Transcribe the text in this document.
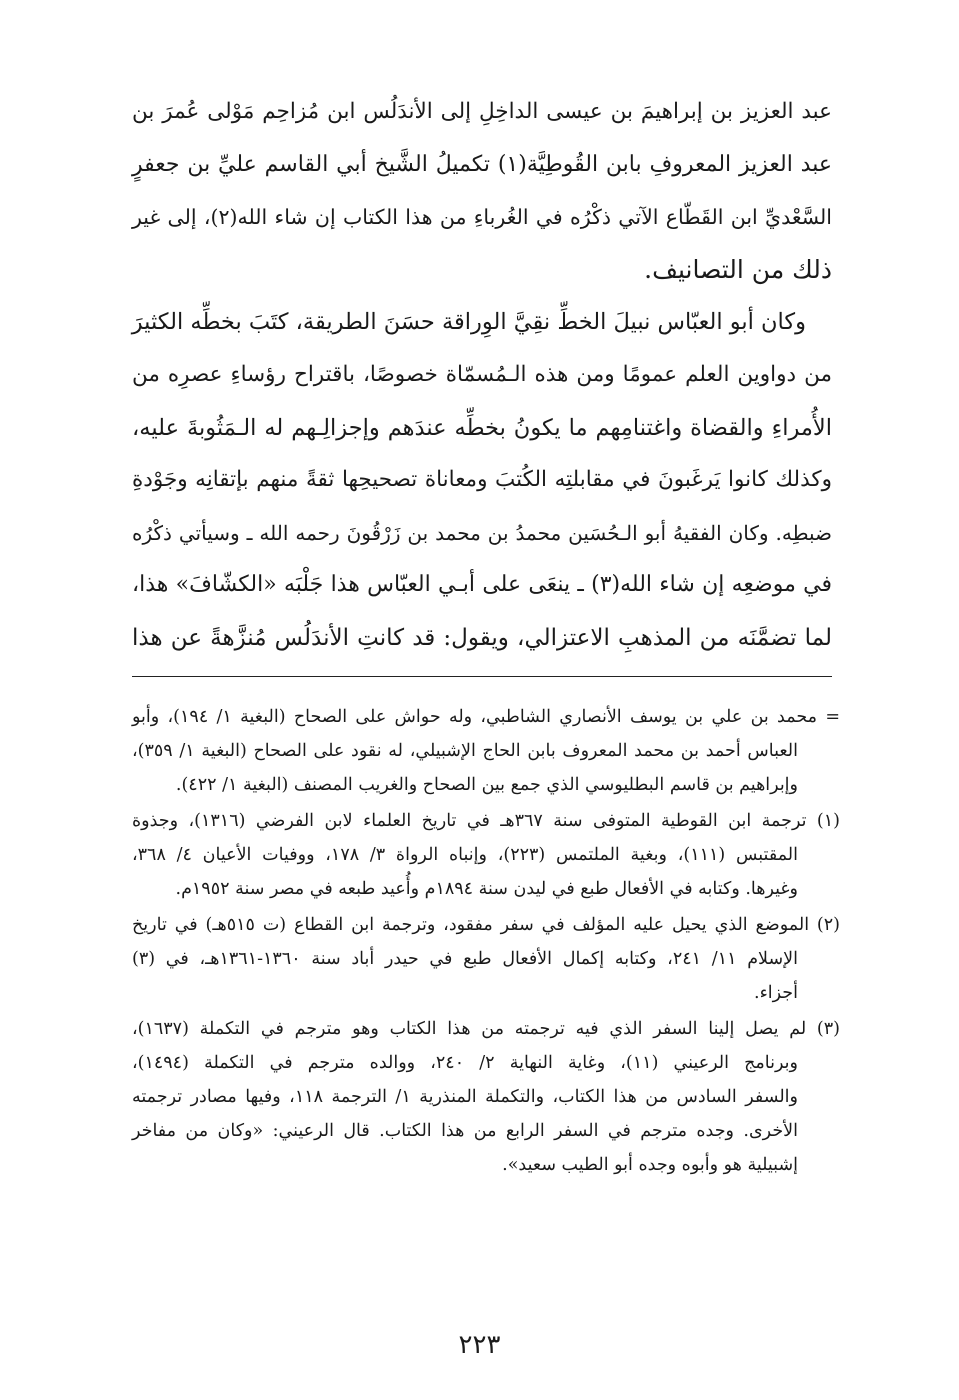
عبد العزيز بن إبراهيمَ بن عيسى الداخِلِ إلى الأندَلُس ابن مُزاحِم مَوْلى عُمرَ بن
عبد العزيز المعروفِ بابن القُوطِيَّة(١) تكميلُ الشَّيخ أبي القاسم عليِّ بن جعفرٍ
السَّعْديِّ ابن القَطّاع الآتي ذكْرُه في الغُرباءِ من هذا الكتاب إن شاء الله(٢)، إلى غير
ذلك من التصانيف.
وكان أبو العبّاس نبيلَ الخطِّ نقِيَّ الوِراقة حسَنَ الطريقة، كتَبَ بخطِّه الكثيرَ
من دواوين العلم عمومًا ومن هذه الـمُسمّاة خصوصًا، باقتراح رؤساءِ عصرِه من
الأُمراءِ والقضاة واغتنامِهم ما يكونُ بخطِّه عندَهم وإجزالِـهم له الـمَثُوبةَ عليه،
وكذلك كانوا يَرغَبونَ في مقابلتِه الكُتبَ ومعاناة تصحيحِها ثقةً منهم بإتقانِه وجَوْدةِ
ضبطِه. وكان الفقيهُ أبو الـحُسَين محمدُ بن محمد بن زَرْقُونَ رحمه الله ـ وسيأتي ذكْرُه
في موضعِه إن شاء الله(٣) ـ ينعَى على أبـي العبّاس هذا جَلْبَه «الكشّافَ» هذا،
لما تضمَّنَه من المذهبِ الاعتزالي، ويقول: قد كانتِ الأندَلُس مُنزَّهةً عن هذا
= محمد بن علي بن يوسف الأنصاري الشاطبي، وله حواش على الصحاح (البغية ١/ ١٩٤)، وأبو
العباس أحمد بن محمد المعروف بابن الحاج الإشبيلي، له نقود على الصحاح (البغية ١/ ٣٥٩)،
وإبراهيم بن قاسم البطليوسي الذي جمع بين الصحاح والغريب المصنف (البغية ١/ ٤٢٢).
(١) ترجمة ابن القوطية المتوفى سنة ٣٦٧هـ في تاريخ العلماء لابن الفرضي (١٣١٦)، وجذوة
المقتبس (١١١)، وبغية الملتمس (٢٢٣)، وإنباه الرواة ٣/ ١٧٨، ووفيات الأعيان ٤/ ٣٦٨،
وغيرها. وكتابه في الأفعال طبع في ليدن سنة ١٨٩٤م وأُعيد طبعه في مصر سنة ١٩٥٢م.
(٢) الموضع الذي يحيل عليه المؤلف في سفر مفقود، وترجمة ابن القطاع (ت ٥١٥هـ) في تاريخ
الإسلام ١١/ ٢٤١، وكتابه إكمال الأفعال طبع في حيدر أباد سنة ١٣٦٠-١٣٦١هـ، في (٣)
أجزاء.
(٣) لم يصل إلينا السفر الذي فيه ترجمته من هذا الكتاب وهو مترجم في التكملة (١٦٣٧)،
وبرنامج الرعيني (١١)، وغاية النهاية ٢/ ٢٤٠، ووالده مترجم في التكملة (١٤٩٤)،
والسفر السادس من هذا الكتاب، والتكملة المنذرية ١/ الترجمة ١١٨، وفيها مصادر ترجمته
الأخرى. وجده مترجم في السفر الرابع من هذا الكتاب. قال الرعيني: «وكان من مفاخر
إشبيلية هو وأبوه وجده أبو الطيب سعيد».
٢٢٣
